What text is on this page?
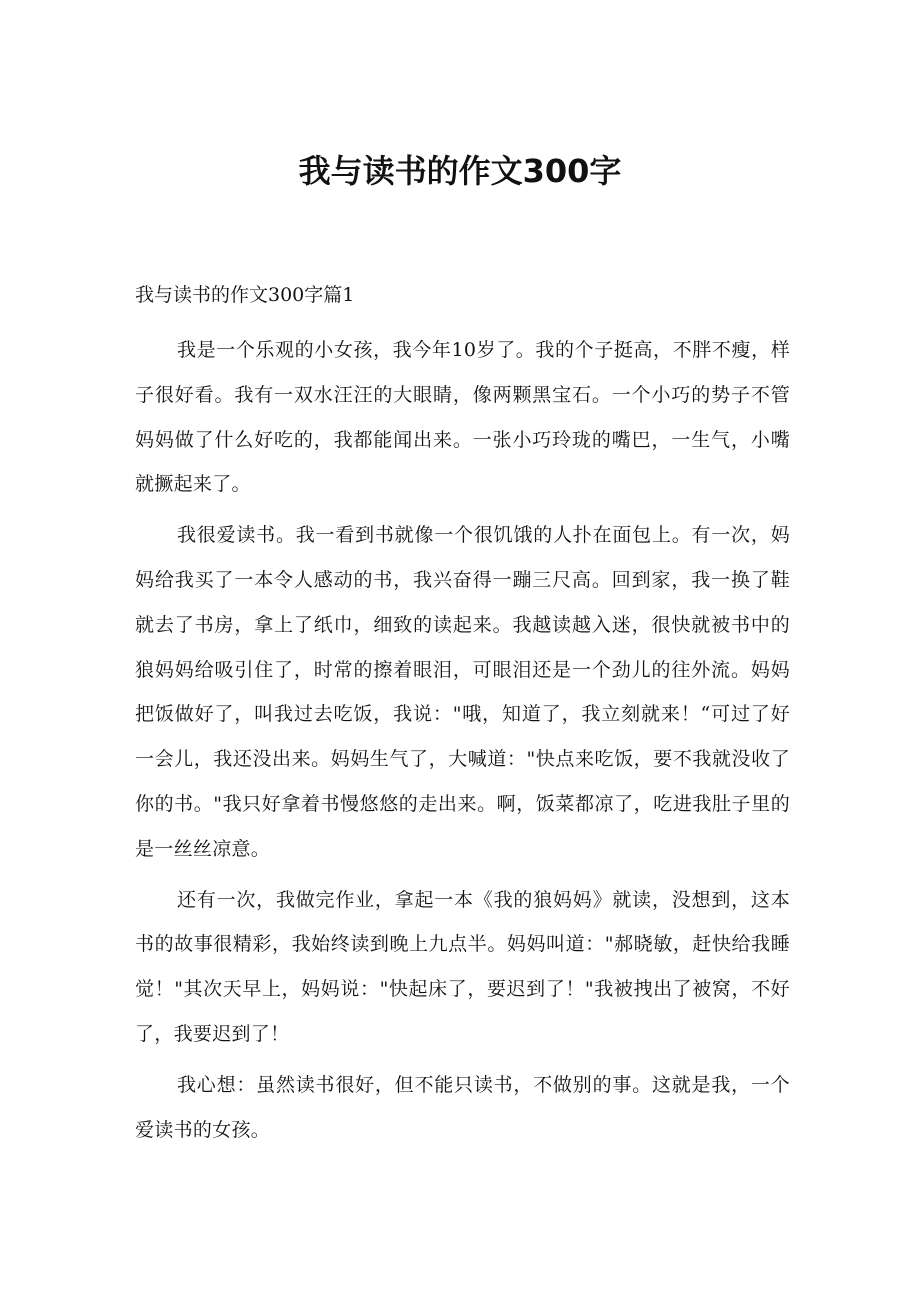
我与读书的作文300字

我与读书的作文300字篇1

我是一个乐观的小女孩，我今年10岁了。我的个子挺高，不胖不瘦，样子很好看。我有一双水汪汪的大眼睛，像两颗黑宝石。一个小巧的势子不管妈妈做了什么好吃的，我都能闻出来。一张小巧玲珑的嘴巴，一生气，小嘴就撅起来了。

我很爱读书。我一看到书就像一个很饥饿的人扑在面包上。有一次，妈妈给我买了一本令人感动的书，我兴奋得一蹦三尺高。回到家，我一换了鞋就去了书房，拿上了纸巾，细致的读起来。我越读越入迷，很快就被书中的狼妈妈给吸引住了，时常的擦着眼泪，可眼泪还是一个劲儿的往外流。妈妈把饭做好了，叫我过去吃饭，我说："哦，知道了，我立刻就来！“可过了好一会儿，我还没出来。妈妈生气了，大喊道："快点来吃饭，要不我就没收了你的书。"我只好拿着书慢悠悠的走出来。啊，饭菜都凉了，吃进我肚子里的是一丝丝凉意。

还有一次，我做完作业，拿起一本《我的狼妈妈》就读，没想到，这本书的故事很精彩，我始终读到晚上九点半。妈妈叫道："郝晓敏，赶快给我睡觉！"其次天早上，妈妈说："快起床了，要迟到了！"我被拽出了被窝，不好了，我要迟到了！

我心想：虽然读书很好，但不能只读书，不做别的事。这就是我，一个爱读书的女孩。
